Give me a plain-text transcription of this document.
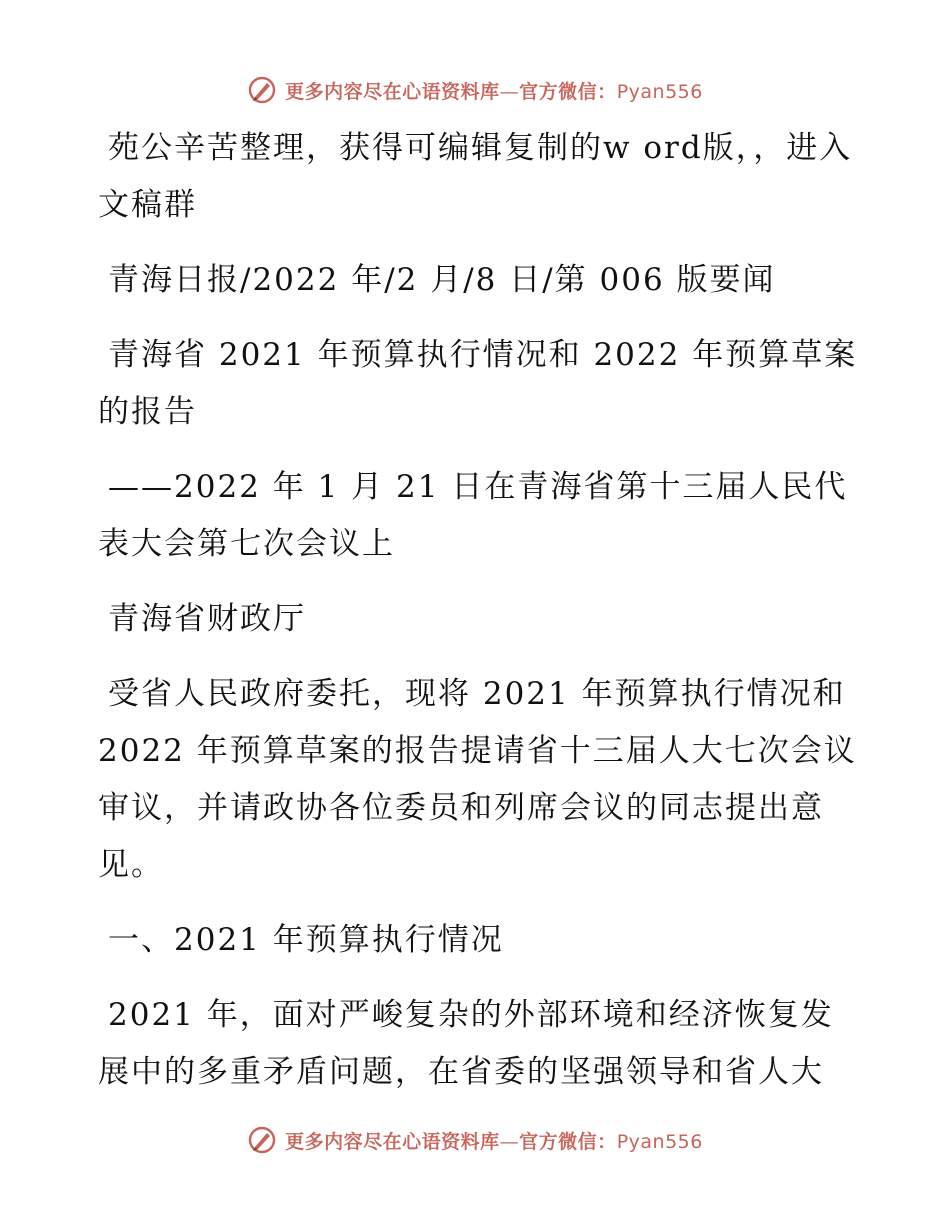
更多内容尽在心语资料库—官方微信：Pyan556

苑公辛苦整理，获得可编辑复制的w ord版，，进入文稿群

青海日报/2022 年/2 月/8 日/第 006 版要闻

青海省 2021 年预算执行情况和 2022 年预算草案的报告

——2022 年 1 月 21 日在青海省第十三届人民代表大会第七次会议上

青海省财政厅

受省人民政府委托，现将 2021 年预算执行情况和 2022 年预算草案的报告提请省十三届人大七次会议审议，并请政协各位委员和列席会议的同志提出意见。

一、2021 年预算执行情况

2021 年，面对严峻复杂的外部环境和经济恢复发展中的多重矛盾问题，在省委的坚强领导和省人大

更多内容尽在心语资料库—官方微信：Pyan556
